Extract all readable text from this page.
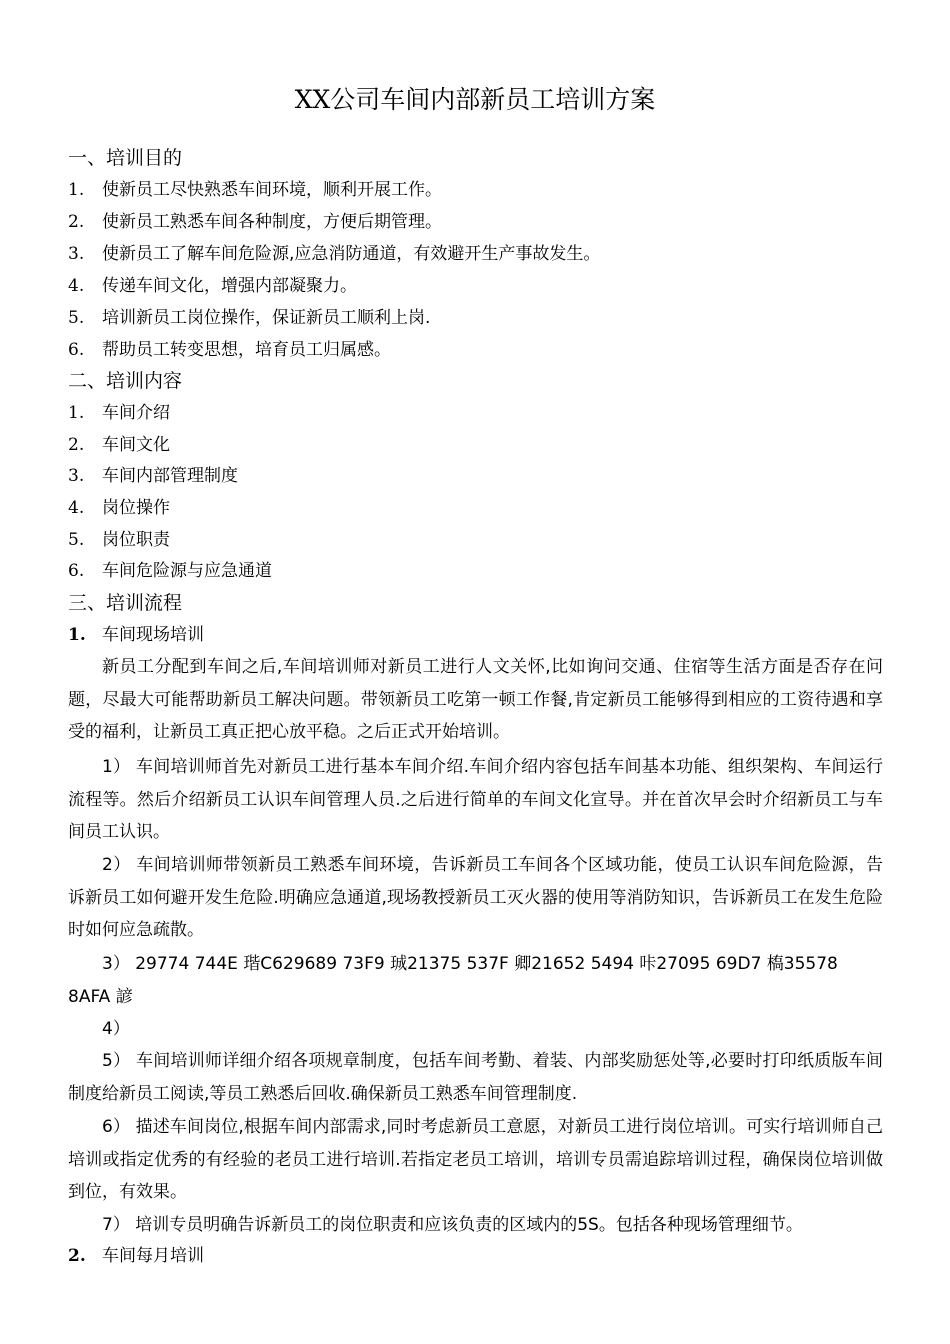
XX公司车间内部新员工培训方案
一、培训目的
1. 使新员工尽快熟悉车间环境，顺利开展工作。
2. 使新员工熟悉车间各种制度，方便后期管理。
3. 使新员工了解车间危险源,应急消防通道，有效避开生产事故发生。
4. 传递车间文化，增强内部凝聚力。
5. 培训新员工岗位操作，保证新员工顺利上岗.
6. 帮助员工转变思想，培育员工归属感。
二、培训内容
1. 车间介绍
2. 车间文化
3. 车间内部管理制度
4. 岗位操作
5. 岗位职责
6. 车间危险源与应急通道
三、培训流程
1. 车间现场培训
新员工分配到车间之后,车间培训师对新员工进行人文关怀,比如询问交通、住宿等生活方面是否存在问题，尽最大可能帮助新员工解决问题。带领新员工吃第一顿工作餐,肯定新员工能够得到相应的工资待遇和享受的福利，让新员工真正把心放平稳。之后正式开始培训。
1） 车间培训师首先对新员工进行基本车间介绍.车间介绍内容包括车间基本功能、组织架构、车间运行流程等。然后介绍新员工认识车间管理人员.之后进行简单的车间文化宣导。并在首次早会时介绍新员工与车间员工认识。
2） 车间培训师带领新员工熟悉车间环境，告诉新员工车间各个区域功能，使员工认识车间危险源，告诉新员工如何避开发生危险.明确应急通道,现场教授新员工灭火器的使用等消防知识，告诉新员工在发生危险时如何应急疏散。
3） 29774 744E 瑎C629689 73F9 珹21375 537F 卿21652 5494 咔27095 69D7 槗35578
8AFA 諺
4）
5） 车间培训师详细介绍各项规章制度，包括车间考勤、着装、内部奖励惩处等,必要时打印纸质版车间制度给新员工阅读,等员工熟悉后回收.确保新员工熟悉车间管理制度.
6） 描述车间岗位,根据车间内部需求,同时考虑新员工意愿，对新员工进行岗位培训。可实行培训师自己培训或指定优秀的有经验的老员工进行培训.若指定老员工培训，培训专员需追踪培训过程，确保岗位培训做到位，有效果。
7） 培训专员明确告诉新员工的岗位职责和应该负责的区域内的5S。包括各种现场管理细节。
2. 车间每月培训
